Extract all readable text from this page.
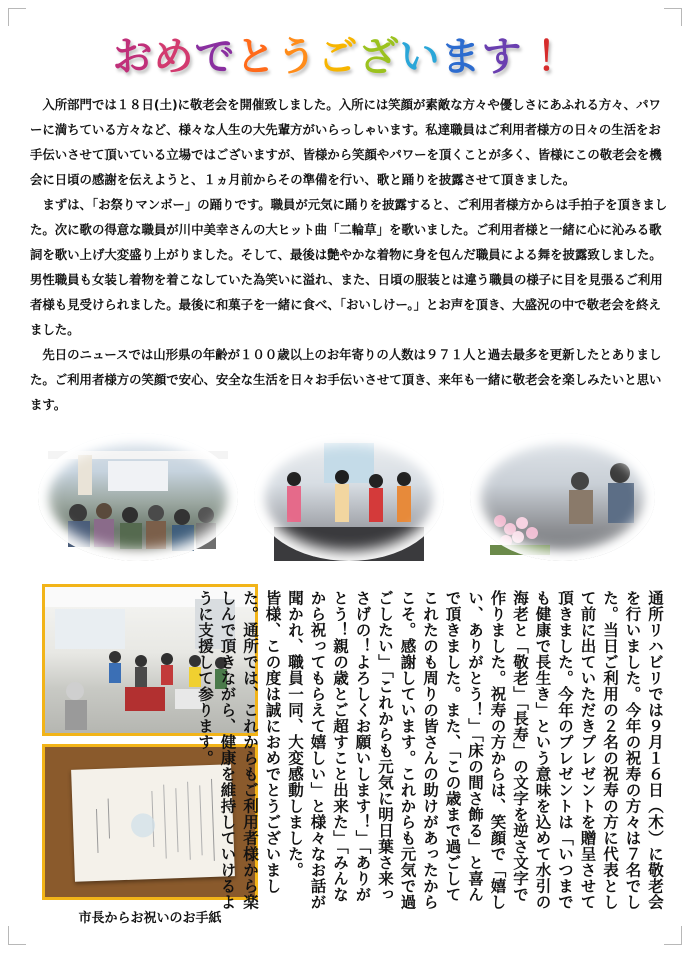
お め で と う ご ざ い ま す ！

入所部門では１８日(土)に敬老会を開催致しました。入所には笑顔が素敵な方々や優しさにあふれる方々、パワーに満ちている方々など、様々な人生の大先輩方がいらっしゃいます。私達職員はご利用者様方の日々の生活をお手伝いさせて頂いている立場ではございますが、皆様から笑顔やパワーを頂くことが多く、皆様にこの敬老会を機会に日頃の感謝を伝えようと、１ヵ月前からその準備を行い、歌と踊りを披露させて頂きました。

まずは、「お祭りマンボー」の踊りです。職員が元気に踊りを披露すると、ご利用者様方からは手拍子を頂きました。次に歌の得意な職員が川中美幸さんの大ヒット曲「二輪草」を歌いました。ご利用者様と一緒に心に沁みる歌詞を歌い上げ大変盛り上がりました。そして、最後は艶やかな着物に身を包んだ職員による舞を披露致しました。男性職員も女装し着物を着こなしていた為笑いに溢れ、また、日頃の服装とは違う職員の様子に目を見張るご利用者様も見受けられました。最後に和菓子を一緒に食べ、「おいしけー。」とお声を頂き、大盛況の中で敬老会を終えました。

先日のニュースでは山形県の年齢が１００歳以上のお年寄りの人数は９７１人と過去最多を更新したとありました。ご利用者様方の笑顔で安心、安全な生活を日々お手伝いさせて頂き、来年も一緒に敬老会を楽しみたいと思います。

市長からお祝いのお手紙

通所リハビリでは９月１６日（木）に敬老会を行いました。今年の祝寿の方々は７名でした。当日ご利用の２名の祝寿の方に代表として前に出ていただきプレゼントを贈呈させて頂きました。今年のプレゼントは「いつまでも健康で長生き」という意味を込めて水引の海老と「敬老」「長寿」の文字を逆さ文字で作りました。祝寿の方からは、笑顔で「嬉しい、ありがとう！」「床の間さ飾る」と喜んで頂きました。また、「この歳まで過ごしてこれたのも周りの皆さんの助けがあったからこそ。感謝しています。これからも元気で過ごしたい」「これからも元気に明日葉さ来っさげの！よろしくお願いします！」「ありがとう！親の歳とご超すこと出来た」「みんなから祝ってもらえて嬉しい」と様々なお話が聞かれ、職員一同、大変感動しました。

皆様、この度は誠におめでとうございました。通所では、これからもご利用者様から楽しんで頂きながら、健康を維持していけるように支援して参ります。
